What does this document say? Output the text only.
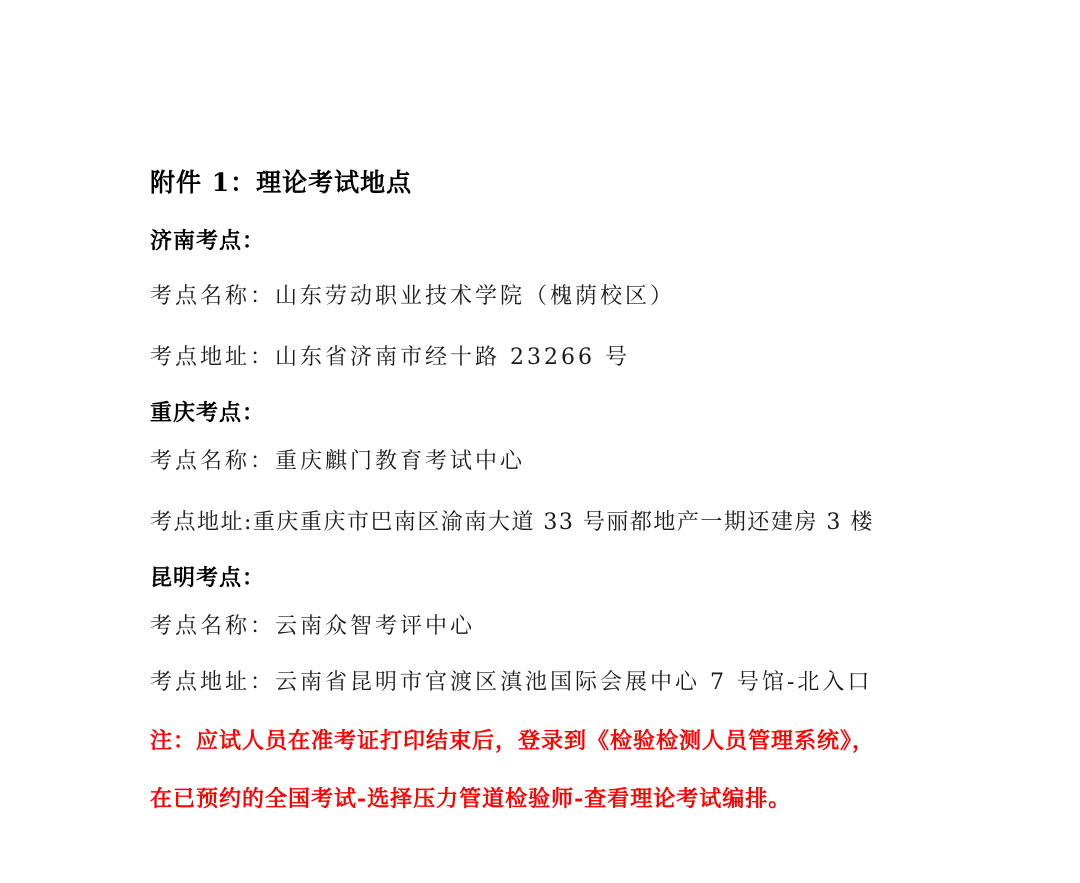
附件 1：理论考试地点
济南考点：
考点名称：山东劳动职业技术学院（槐荫校区）
考点地址：山东省济南市经十路 23266 号
重庆考点：
考点名称：重庆麒门教育考试中心
考点地址:重庆重庆市巴南区渝南大道 33 号丽都地产一期还建房 3 楼
昆明考点：
考点名称：云南众智考评中心
考点地址：云南省昆明市官渡区滇池国际会展中心 7 号馆-北入口
注：应试人员在准考证打印结束后，登录到《检验检测人员管理系统》，
在已预约的全国考试-选择压力管道检验师-查看理论考试编排。
